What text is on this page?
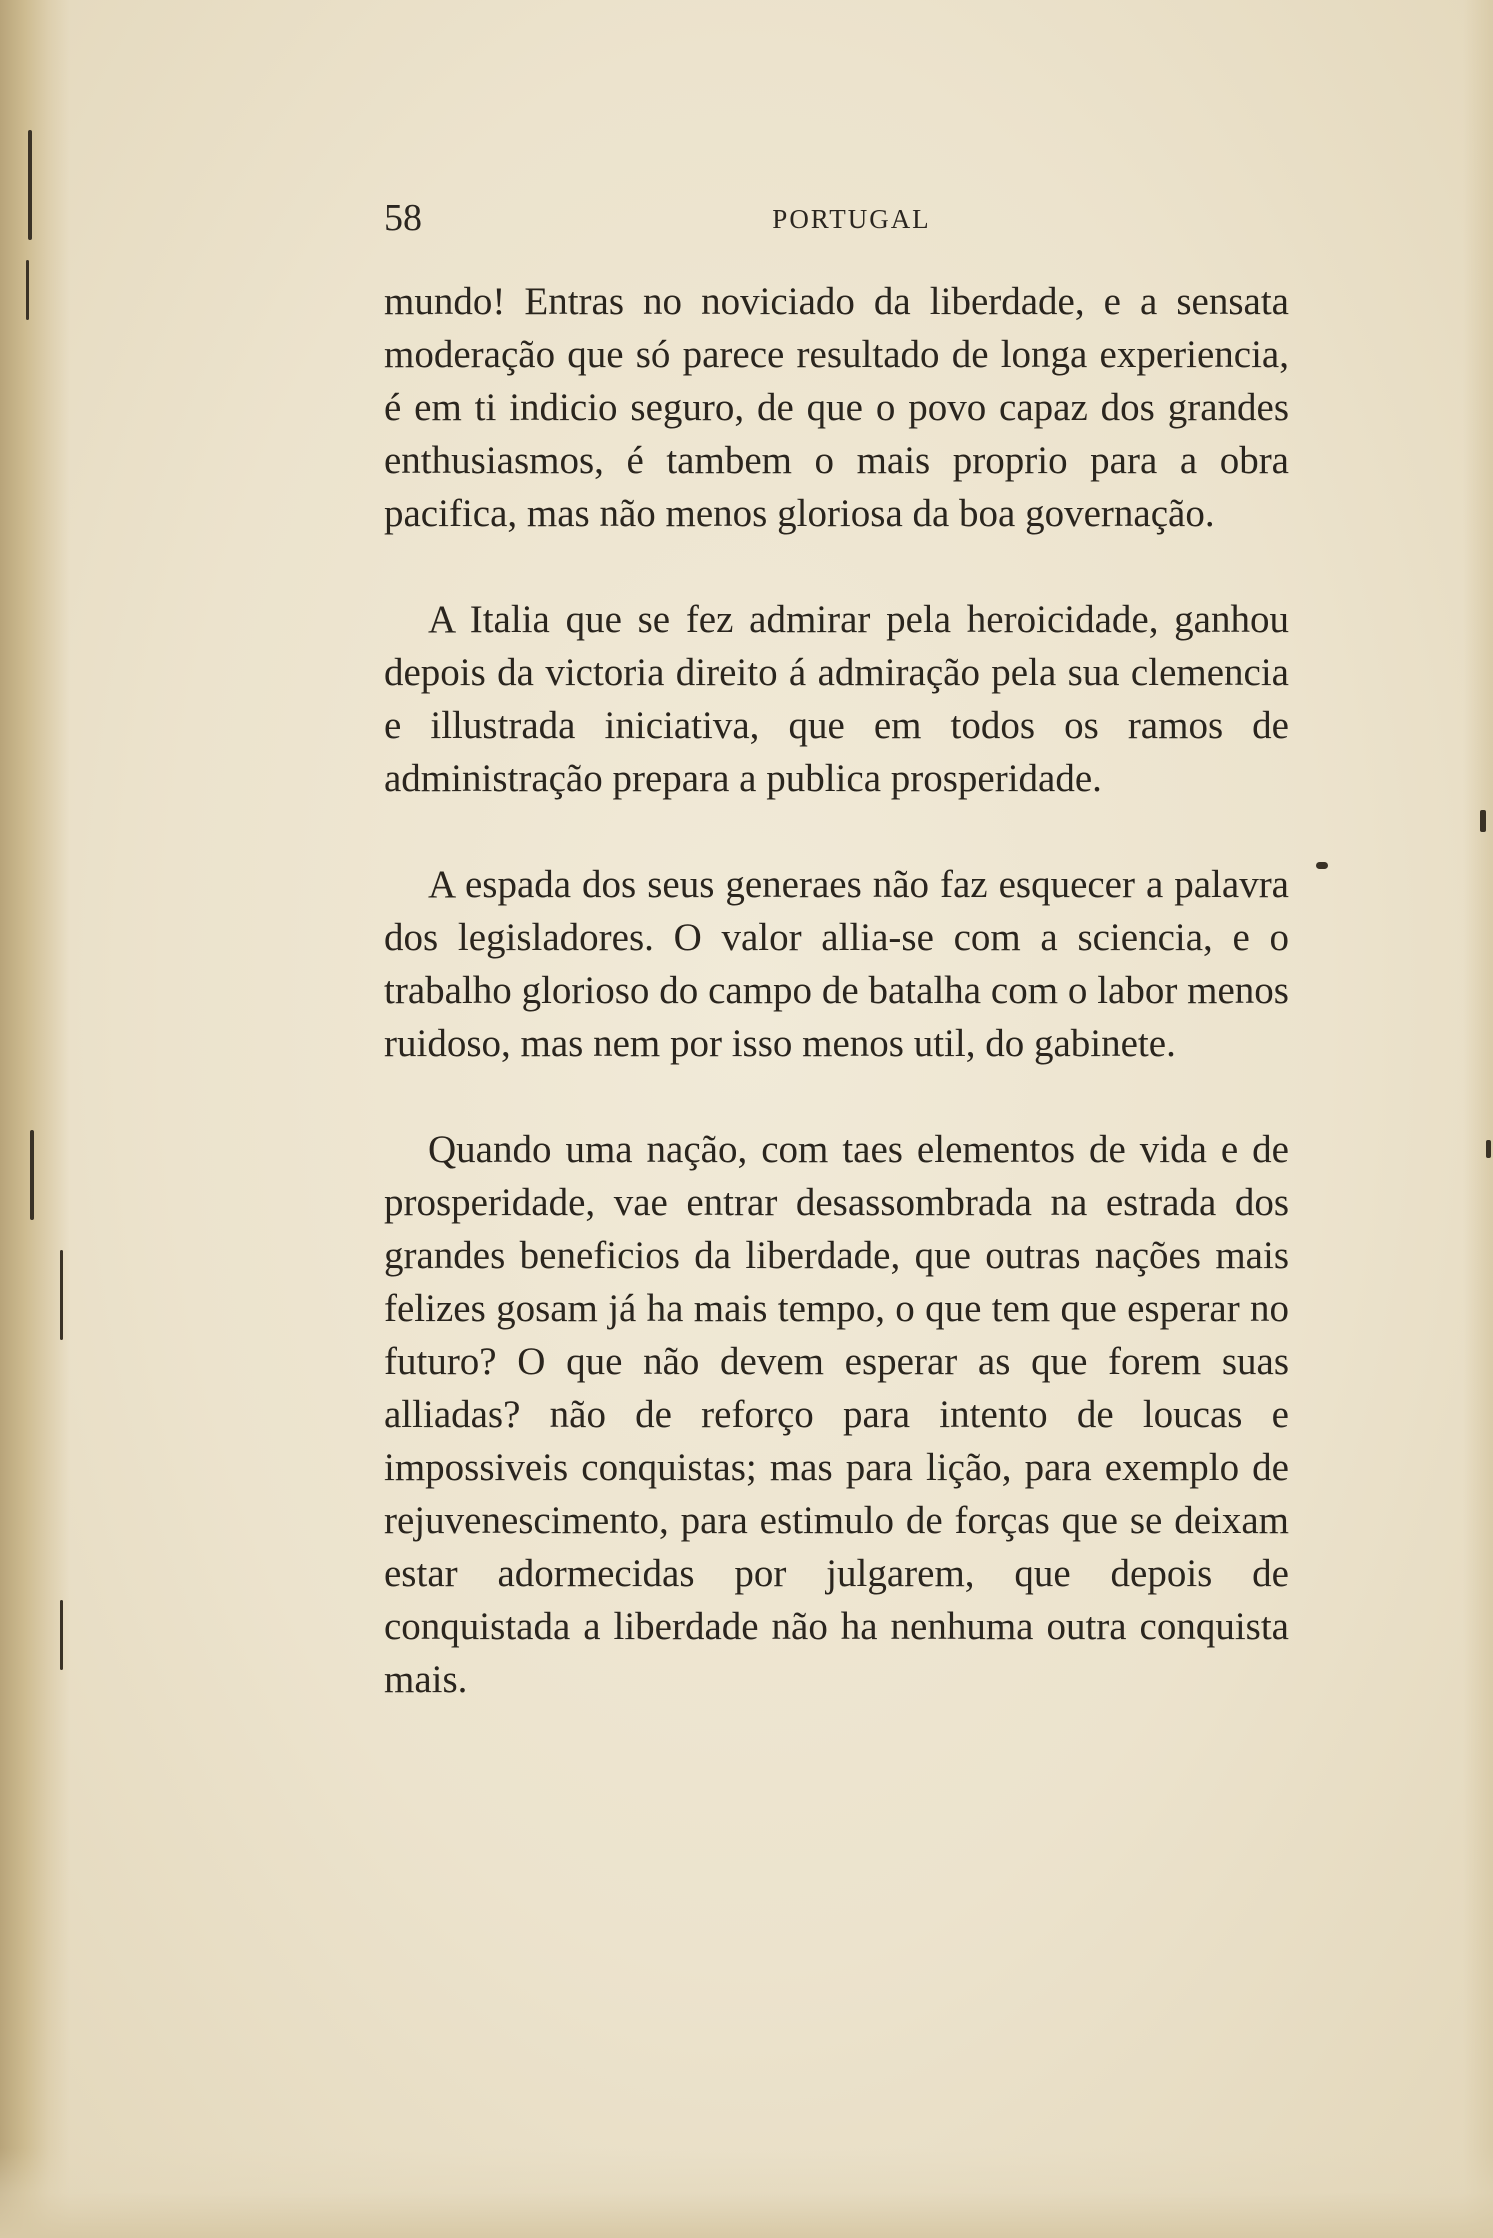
58	PORTUGAL

mundo! Entras no noviciado da liberdade, e a sensata moderação que só parece resultado de longa experiencia, é em ti indicio seguro, de que o povo capaz dos grandes enthusiasmos, é tambem o mais proprio para a obra pacifica, mas não menos gloriosa da boa governação.

A Italia que se fez admirar pela heroicidade, ganhou depois da victoria direito á admiração pela sua clemencia e illustrada iniciativa, que em todos os ramos de administração prepara a publica prosperidade.

A espada dos seus generaes não faz esquecer a palavra dos legisladores. O valor allia-se com a sciencia, e o trabalho glorioso do campo de batalha com o labor menos ruidoso, mas nem por isso menos util, do gabinete.

Quando uma nação, com taes elementos de vida e de prosperidade, vae entrar desassombrada na estrada dos grandes beneficios da liberdade, que outras nações mais felizes gosam já ha mais tempo, o que tem que esperar no futuro? O que não devem esperar as que forem suas alliadas? não de reforço para intento de loucas e impossiveis conquistas; mas para lição, para exemplo de rejuvenescimento, para estimulo de forças que se deixam estar adormecidas por julgarem, que depois de conquistada a liberdade não ha nenhuma outra conquista mais.
